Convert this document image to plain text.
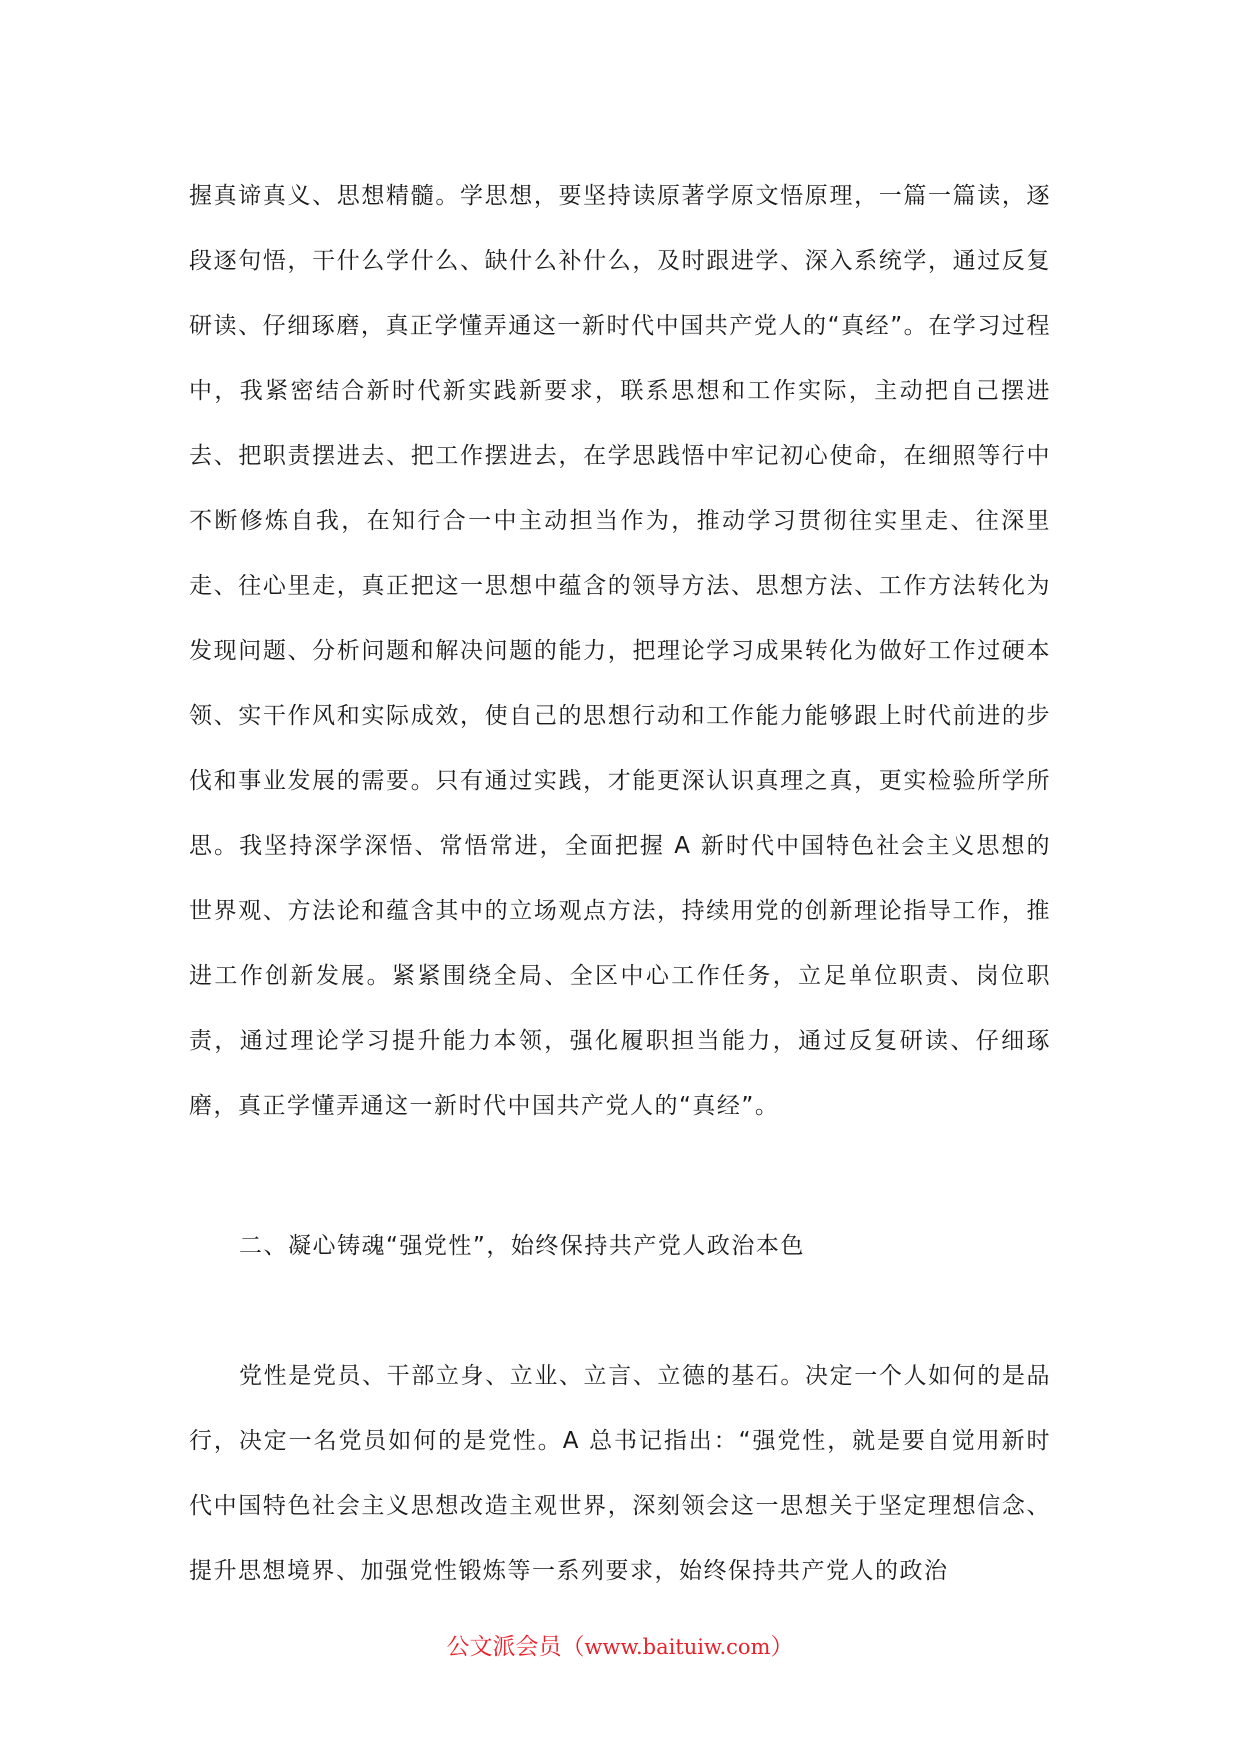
握真谛真义、思想精髓。学思想，要坚持读原著学原文悟原理，一篇一篇读，逐段逐句悟，干什么学什么、缺什么补什么，及时跟进学、深入系统学，通过反复研读、仔细琢磨，真正学懂弄通这一新时代中国共产党人的“真经”。在学习过程中，我紧密结合新时代新实践新要求，联系思想和工作实际，主动把自己摆进去、把职责摆进去、把工作摆进去，在学思践悟中牢记初心使命，在细照等行中不断修炼自我，在知行合一中主动担当作为，推动学习贯彻往实里走、往深里走、往心里走，真正把这一思想中蕴含的领导方法、思想方法、工作方法转化为发现问题、分析问题和解决问题的能力，把理论学习成果转化为做好工作过硬本领、实干作风和实际成效，使自己的思想行动和工作能力能够跟上时代前进的步伐和事业发展的需要。只有通过实践，才能更深认识真理之真，更实检验所学所思。我坚持深学深悟、常悟常进，全面把握 A 新时代中国特色社会主义思想的世界观、方法论和蕴含其中的立场观点方法，持续用党的创新理论指导工作，推进工作创新发展。紧紧围绕全局、全区中心工作任务，立足单位职责、岗位职责，通过理论学习提升能力本领，强化履职担当能力，通过反复研读、仔细琢磨，真正学懂弄通这一新时代中国共产党人的“真经”。
二、凝心铸魂“强党性”，始终保持共产党人政治本色
党性是党员、干部立身、立业、立言、立德的基石。决定一个人如何的是品行，决定一名党员如何的是党性。A 总书记指出：“强党性，就是要自觉用新时代中国特色社会主义思想改造主观世界，深刻领会这一思想关于坚定理想信念、提升思想境界、加强党性锻炼等一系列要求，始终保持共产党人的政治
公文派会员（www.baituiw.com）
